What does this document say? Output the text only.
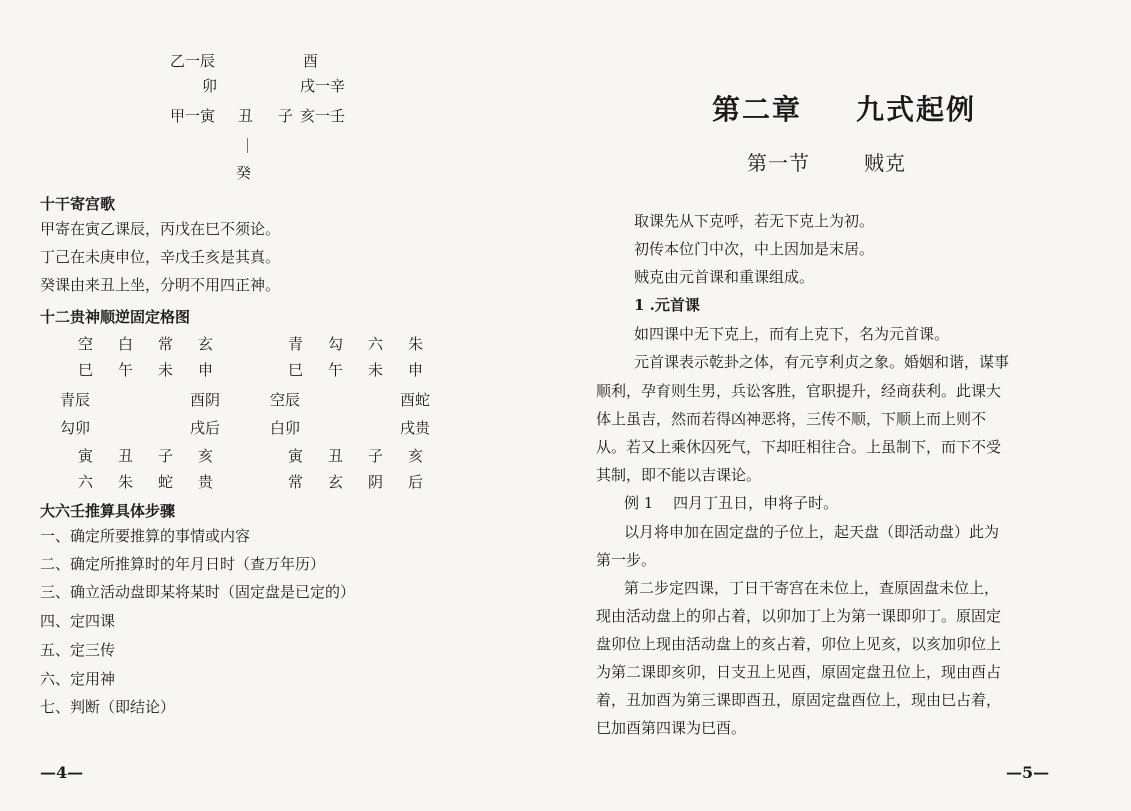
乙一辰	酉
卯	戌一辛
甲一寅 丑 子 亥一壬
｜
癸
十干寄宫歌
甲寄在寅乙课辰，丙戊在巳不须论。
丁己在未庚申位，辛戊壬亥是其真。
癸课由来丑上坐，分明不用四正神。
十二贵神顺逆固定格图
空 白 常 玄
巳 午 未 申
青辰	酉阴
勾卯	戌后
寅 丑 子 亥
六 朱 蛇 贵
青 勾 六 朱
巳 午 未 申
空辰	酉蛇
白卯	戌贵
寅 丑 子 亥
常 玄 阴 后
大六壬推算具体步骤
一、确定所要推算的事情或内容
二、确定所推算时的年月日时（查万年历）
三、确立活动盘即某将某时（固定盘是已定的）
四、定四课
五、定三传
六、定用神
七、判断（即结论）
—4—
第二章 九式起例
第一节	贼克
取课先从下克呼，若无下克上为初。
初传本位门中次，中上因加是末居。
贼克由元首课和重课组成。
1 .元首课
如四课中无下克上，而有上克下，名为元首课。
元首课表示乾卦之体，有元亨利贞之象。婚姻和谐，谋事
顺利，孕育则生男，兵讼客胜，官职提升，经商获利。此课大
体上虽吉，然而若得凶神恶将，三传不顺，下顺上而上则不
从。若又上乘休囚死气，下却旺相往合。上虽制下，而下不受
其制，即不能以吉课论。
例 1　 四月丁丑日，申将子时。
以月将申加在固定盘的子位上，起天盘（即活动盘）此为
第一步。
第二步定四课，丁日干寄宫在未位上，查原固盘未位上，
现由活动盘上的卯占着，以卯加丁上为第一课即卯丁。原固定
盘卯位上现由活动盘上的亥占着，卯位上见亥，以亥加卯位上
为第二课即亥卯，日支丑上见酉，原固定盘丑位上，现由酉占
着，丑加酉为第三课即酉丑，原固定盘酉位上，现由巳占着，
巳加酉第四课为巳酉。
—5—
